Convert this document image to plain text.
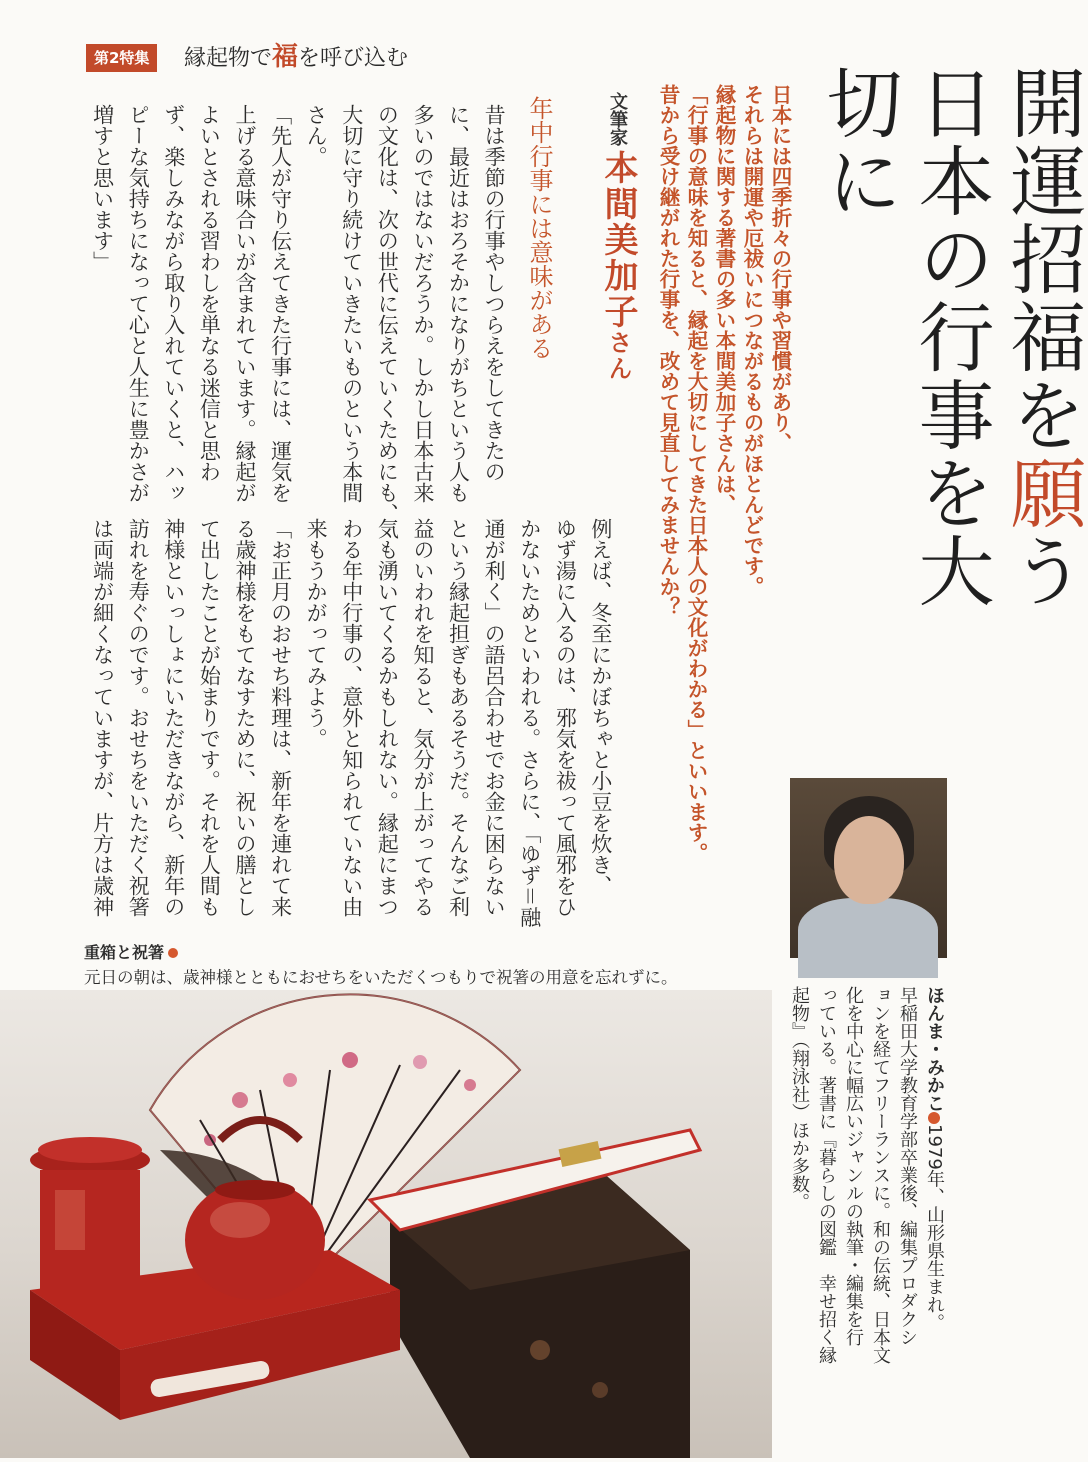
第2特集	縁起物で福を呼び込む
開運招福を願う
日本の行事を大切に
日本には四季折々の行事や習慣があり、
それらは開運や厄祓いにつながるものがほとんどです。
縁起物に関する著書の多い本間美加子さんは、
「行事の意味を知ると、縁起を大切にしてきた日本人の文化がわかる」といいます。
昔から受け継がれた行事を、改めて見直してみませんか？
文筆家
本間美加子さん
年中行事には意味がある
昔は季節の行事やしつらえをしてきたの
に、最近はおろそかになりがちという人も
多いのではないだろうか。しかし日本古来
の文化は、次の世代に伝えていくためにも、
大切に守り続けていきたいものという本間
さん。
「先人が守り伝えてきた行事には、運気を
上げる意味合いが含まれています。縁起が
よいとされる習わしを単なる迷信と思わ
ず、楽しみながら取り入れていくと、ハッ
ピーな気持ちになって心と人生に豊かさが
増すと思います」
例えば、冬至にかぼちゃと小豆を炊き、
ゆず湯に入るのは、邪気を祓って風邪をひ
かないためといわれる。さらに、「ゆず＝融
通が利く」の語呂合わせでお金に困らない
という縁起担ぎもあるそうだ。そんなご利
益のいわれを知ると、気分が上がってやる
気も湧いてくるかもしれない。縁起にまつ
わる年中行事の、意外と知られていない由
来もうかがってみよう。
「お正月のおせち料理は、新年を連れて来
る歳神様をもてなすために、祝いの膳とし
て出したことが始まりです。それを人間も
神様といっしょにいただきながら、新年の
訪れを寿ぐのです。おせちをいただく祝箸
は両端が細くなっていますが、片方は歳神
ほんま・みかこ1979年、山形県生まれ。
早稲田大学教育学部卒業後、編集プロダクシ
ョンを経てフリーランスに。和の伝統、日本文
化を中心に幅広いジャンルの執筆・編集を行
っている。著書に『暮らしの図鑑　幸せ招く縁
起物』（翔泳社）ほか多数。
重箱と祝箸
元日の朝は、歳神様とともにおせちをいただくつもりで祝箸の用意を忘れずに。
